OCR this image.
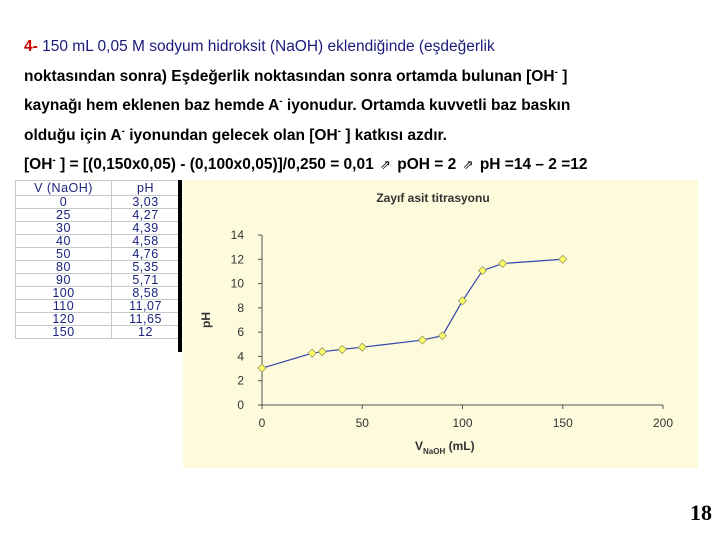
4- 150 mL 0,05 M sodyum hidroksit (NaOH) eklendiğinde (eşdeğerlik
noktasından sonra) Eşdeğerlik noktasından sonra ortamda bulunan [OH- ]
kaynağı hem eklenen baz hemde A- iyonudur. Ortamda kuvvetli baz baskın
olduğu için A- iyonundan gelecek olan [OH- ] katkısı azdır.
[OH- ] = [(0,150x0,05) - (0,100x0,05)]/0,250 = 0,01 ⇗ pOH = 2 ⇗ pH =14 – 2 =12
V (NaOH)	pH
0	3,03
25	4,27
30	4,39
40	4,58
50	4,76
80	5,35
90	5,71
100	8,58
110	11,07
120	11,65
150	12
Zayıf asit titrasyonu
0
2
4
6
8
10
12
14
0	50	100	150	200
pH
$V_{NaOH}$ (mL)
18
